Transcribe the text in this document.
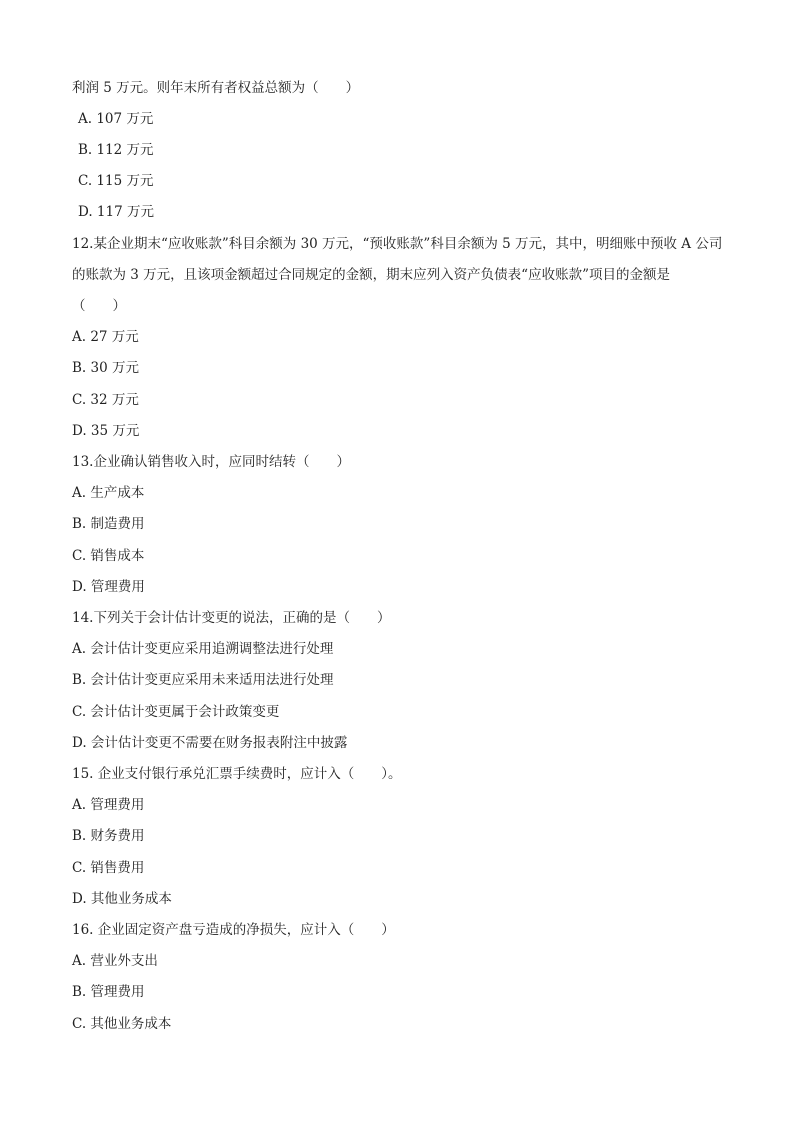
利润 5 万元。则年末所有者权益总额为（　　）
A. 107 万元
B. 112 万元
C. 115 万元
D. 117 万元
12.某企业期末“应收账款”科目余额为 30 万元，“预收账款”科目余额为 5 万元，其中，明细账中预收 A 公司
的账款为 3 万元，且该项金额超过合同规定的金额，期末应列入资产负债表“应收账款”项目的金额是
（　　）
A. 27 万元
B. 30 万元
C. 32 万元
D. 35 万元
13.企业确认销售收入时，应同时结转（　　）
A. 生产成本
B. 制造费用
C. 销售成本
D. 管理费用
14.下列关于会计估计变更的说法，正确的是（　　）
A. 会计估计变更应采用追溯调整法进行处理
B. 会计估计变更应采用未来适用法进行处理
C. 会计估计变更属于会计政策变更
D. 会计估计变更不需要在财务报表附注中披露
15. 企业支付银行承兑汇票手续费时，应计入（　　）。
A. 管理费用
B. 财务费用
C. 销售费用
D. 其他业务成本
16. 企业固定资产盘亏造成的净损失，应计入（　　）
A. 营业外支出
B. 管理费用
C. 其他业务成本
